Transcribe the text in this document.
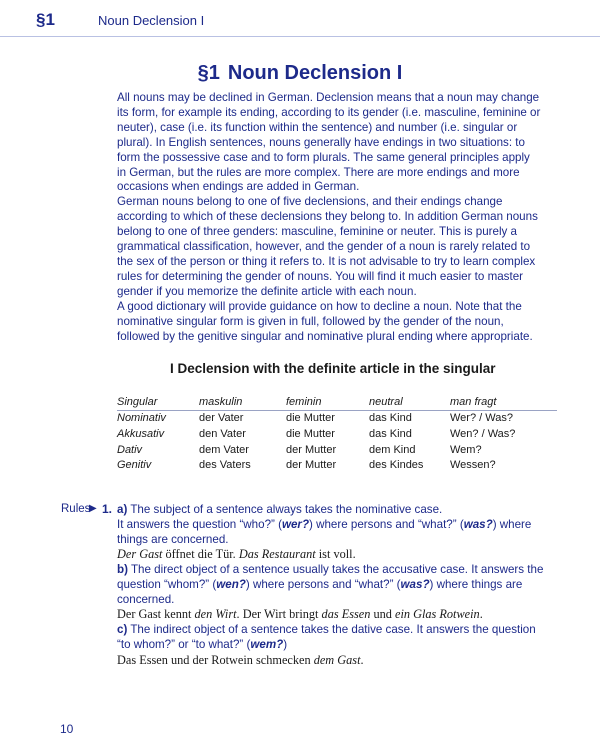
§1	Noun Declension I
§1 Noun Declension I

All nouns may be declined in German. Declension means that a noun may change its form, for example its ending, according to its gender (i.e. masculine, feminine or neuter), case (i.e. its function within the sentence) and number (i.e. singular or plural). In English sentences, nouns generally have endings in two situations: to form the possessive case and to form plurals. The same general principles apply in German, but the rules are more complex. There are more endings and more occasions when endings are added in German.

German nouns belong to one of five declensions, and their endings change according to which of these declensions they belong to. In addition German nouns belong to one of three genders: masculine, feminine or neuter. This is purely a grammatical classification, however, and the gender of a noun is rarely related to the sex of the person or thing it refers to. It is not advisable to try to learn complex rules for determining the gender of nouns. You will find it much easier to master gender if you memorize the definite article with each noun.

A good dictionary will provide guidance on how to decline a noun. Note that the nominative singular form is given in full, followed by the gender of the noun, followed by the genitive singular and nominative plural ending where appropriate.

I Declension with the definite article in the singular
Singular	maskulin	feminin	neutral	man fragt
Nominativ	der Vater	die Mutter	das Kind	Wer? / Was?
Akkusativ	den Vater	die Mutter	das Kind	Wen? / Was?
Dativ	dem Vater	der Mutter	dem Kind	Wem?
Genitiv	des Vaters	der Mutter	des Kindes	Wessen?
Rules
▶ 1. a) The subject of a sentence always takes the nominative case.
It answers the question “who?” (wer?) where persons and “what?” (was?) where
things are concerned.
Der Gast öffnet die Tür. Das Restaurant ist voll.
b) The direct object of a sentence usually takes the accusative case. It answers the
question “whom?” (wen?) where persons and “what?” (was?) where things are
concerned.
Der Gast kennt den Wirt. Der Wirt bringt das Essen und ein Glas Rotwein.
c) The indirect object of a sentence takes the dative case. It answers the question
“to whom?” or “to what?” (wem?)
Das Essen und der Rotwein schmecken dem Gast.
10
